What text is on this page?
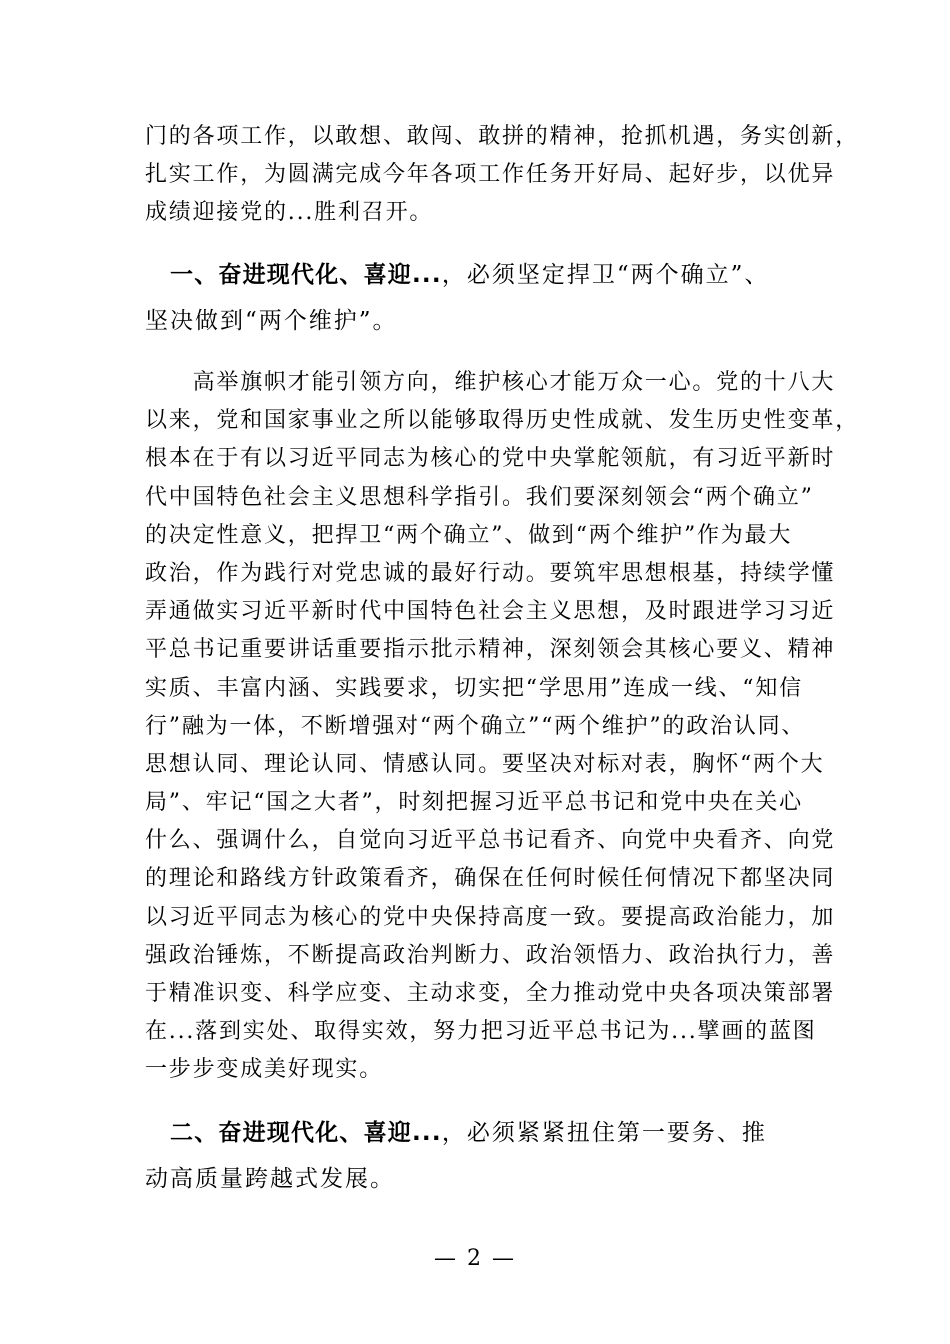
门的各项工作，以敢想、敢闯、敢拼的精神，抢抓机遇，务实创新，
扎实工作，为圆满完成今年各项工作任务开好局、起好步，以优异
成绩迎接党的...胜利召开。
　一、奋进现代化、喜迎...，必须坚定捍卫“两个确立”、
坚决做到“两个维护”。
　　高举旗帜才能引领方向，维护核心才能万众一心。党的十八大
以来，党和国家事业之所以能够取得历史性成就、发生历史性变革，
根本在于有以习近平同志为核心的党中央掌舵领航，有习近平新时
代中国特色社会主义思想科学指引。我们要深刻领会“两个确立”
的决定性意义，把捍卫“两个确立”、做到“两个维护”作为最大
政治，作为践行对党忠诚的最好行动。要筑牢思想根基，持续学懂
弄通做实习近平新时代中国特色社会主义思想，及时跟进学习习近
平总书记重要讲话重要指示批示精神，深刻领会其核心要义、精神
实质、丰富内涵、实践要求，切实把“学思用”连成一线、“知信
行”融为一体，不断增强对“两个确立”“两个维护”的政治认同、
思想认同、理论认同、情感认同。要坚决对标对表，胸怀“两个大
局”、牢记“国之大者”，时刻把握习近平总书记和党中央在关心
什么、强调什么，自觉向习近平总书记看齐、向党中央看齐、向党
的理论和路线方针政策看齐，确保在任何时候任何情况下都坚决同
以习近平同志为核心的党中央保持高度一致。要提高政治能力，加
强政治锤炼，不断提高政治判断力、政治领悟力、政治执行力，善
于精准识变、科学应变、主动求变，全力推动党中央各项决策部署
在...落到实处、取得实效，努力把习近平总书记为...擘画的蓝图
一步步变成美好现实。
　二、奋进现代化、喜迎...，必须紧紧扭住第一要务、推
动高质量跨越式发展。
— 2 —
